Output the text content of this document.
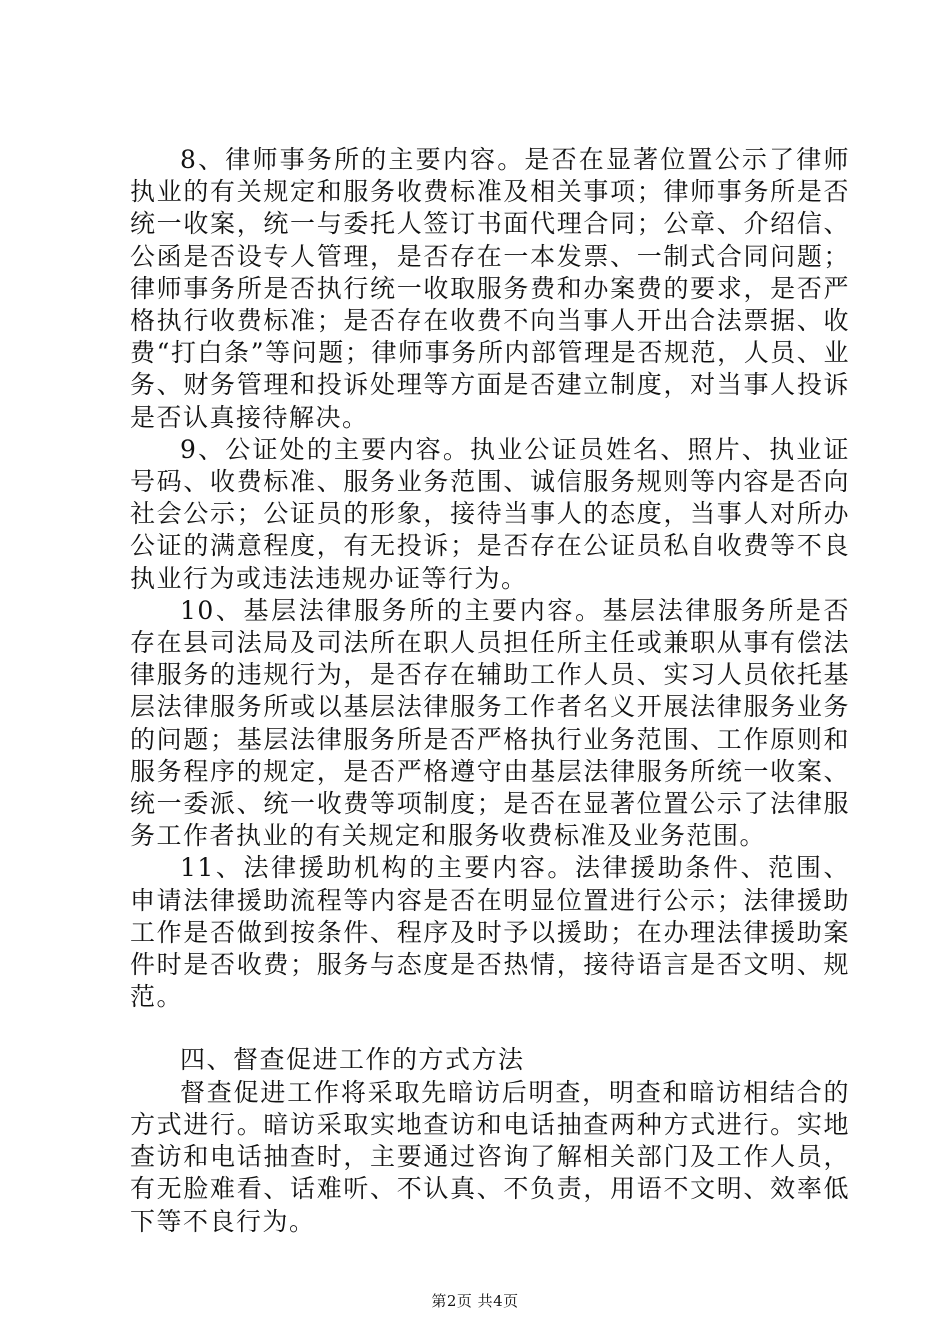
8、律师事务所的主要内容。是否在显著位置公示了律师执业的有关规定和服务收费标准及相关事项；律师事务所是否统一收案，统一与委托人签订书面代理合同；公章、介绍信、公函是否设专人管理，是否存在一本发票、一制式合同问题；律师事务所是否执行统一收取服务费和办案费的要求，是否严格执行收费标准；是否存在收费不向当事人开出合法票据、收费“打白条”等问题；律师事务所内部管理是否规范，人员、业务、财务管理和投诉处理等方面是否建立制度，对当事人投诉是否认真接待解决。

9、公证处的主要内容。执业公证员姓名、照片、执业证号码、收费标准、服务业务范围、诚信服务规则等内容是否向社会公示；公证员的形象，接待当事人的态度，当事人对所办公证的满意程度，有无投诉；是否存在公证员私自收费等不良执业行为或违法违规办证等行为。

10、基层法律服务所的主要内容。基层法律服务所是否存在县司法局及司法所在职人员担任所主任或兼职从事有偿法律服务的违规行为，是否存在辅助工作人员、实习人员依托基层法律服务所或以基层法律服务工作者名义开展法律服务业务的问题；基层法律服务所是否严格执行业务范围、工作原则和服务程序的规定，是否严格遵守由基层法律服务所统一收案、统一委派、统一收费等项制度；是否在显著位置公示了法律服务工作者执业的有关规定和服务收费标准及业务范围。

11、法律援助机构的主要内容。法律援助条件、范围、申请法律援助流程等内容是否在明显位置进行公示；法律援助工作是否做到按条件、程序及时予以援助；在办理法律援助案件时是否收费；服务与态度是否热情，接待语言是否文明、规范。

四、督查促进工作的方式方法

督查促进工作将采取先暗访后明查，明查和暗访相结合的方式进行。暗访采取实地查访和电话抽查两种方式进行。实地查访和电话抽查时，主要通过咨询了解相关部门及工作人员，有无脸难看、话难听、不认真、不负责，用语不文明、效率低下等不良行为。

第2页 共4页
